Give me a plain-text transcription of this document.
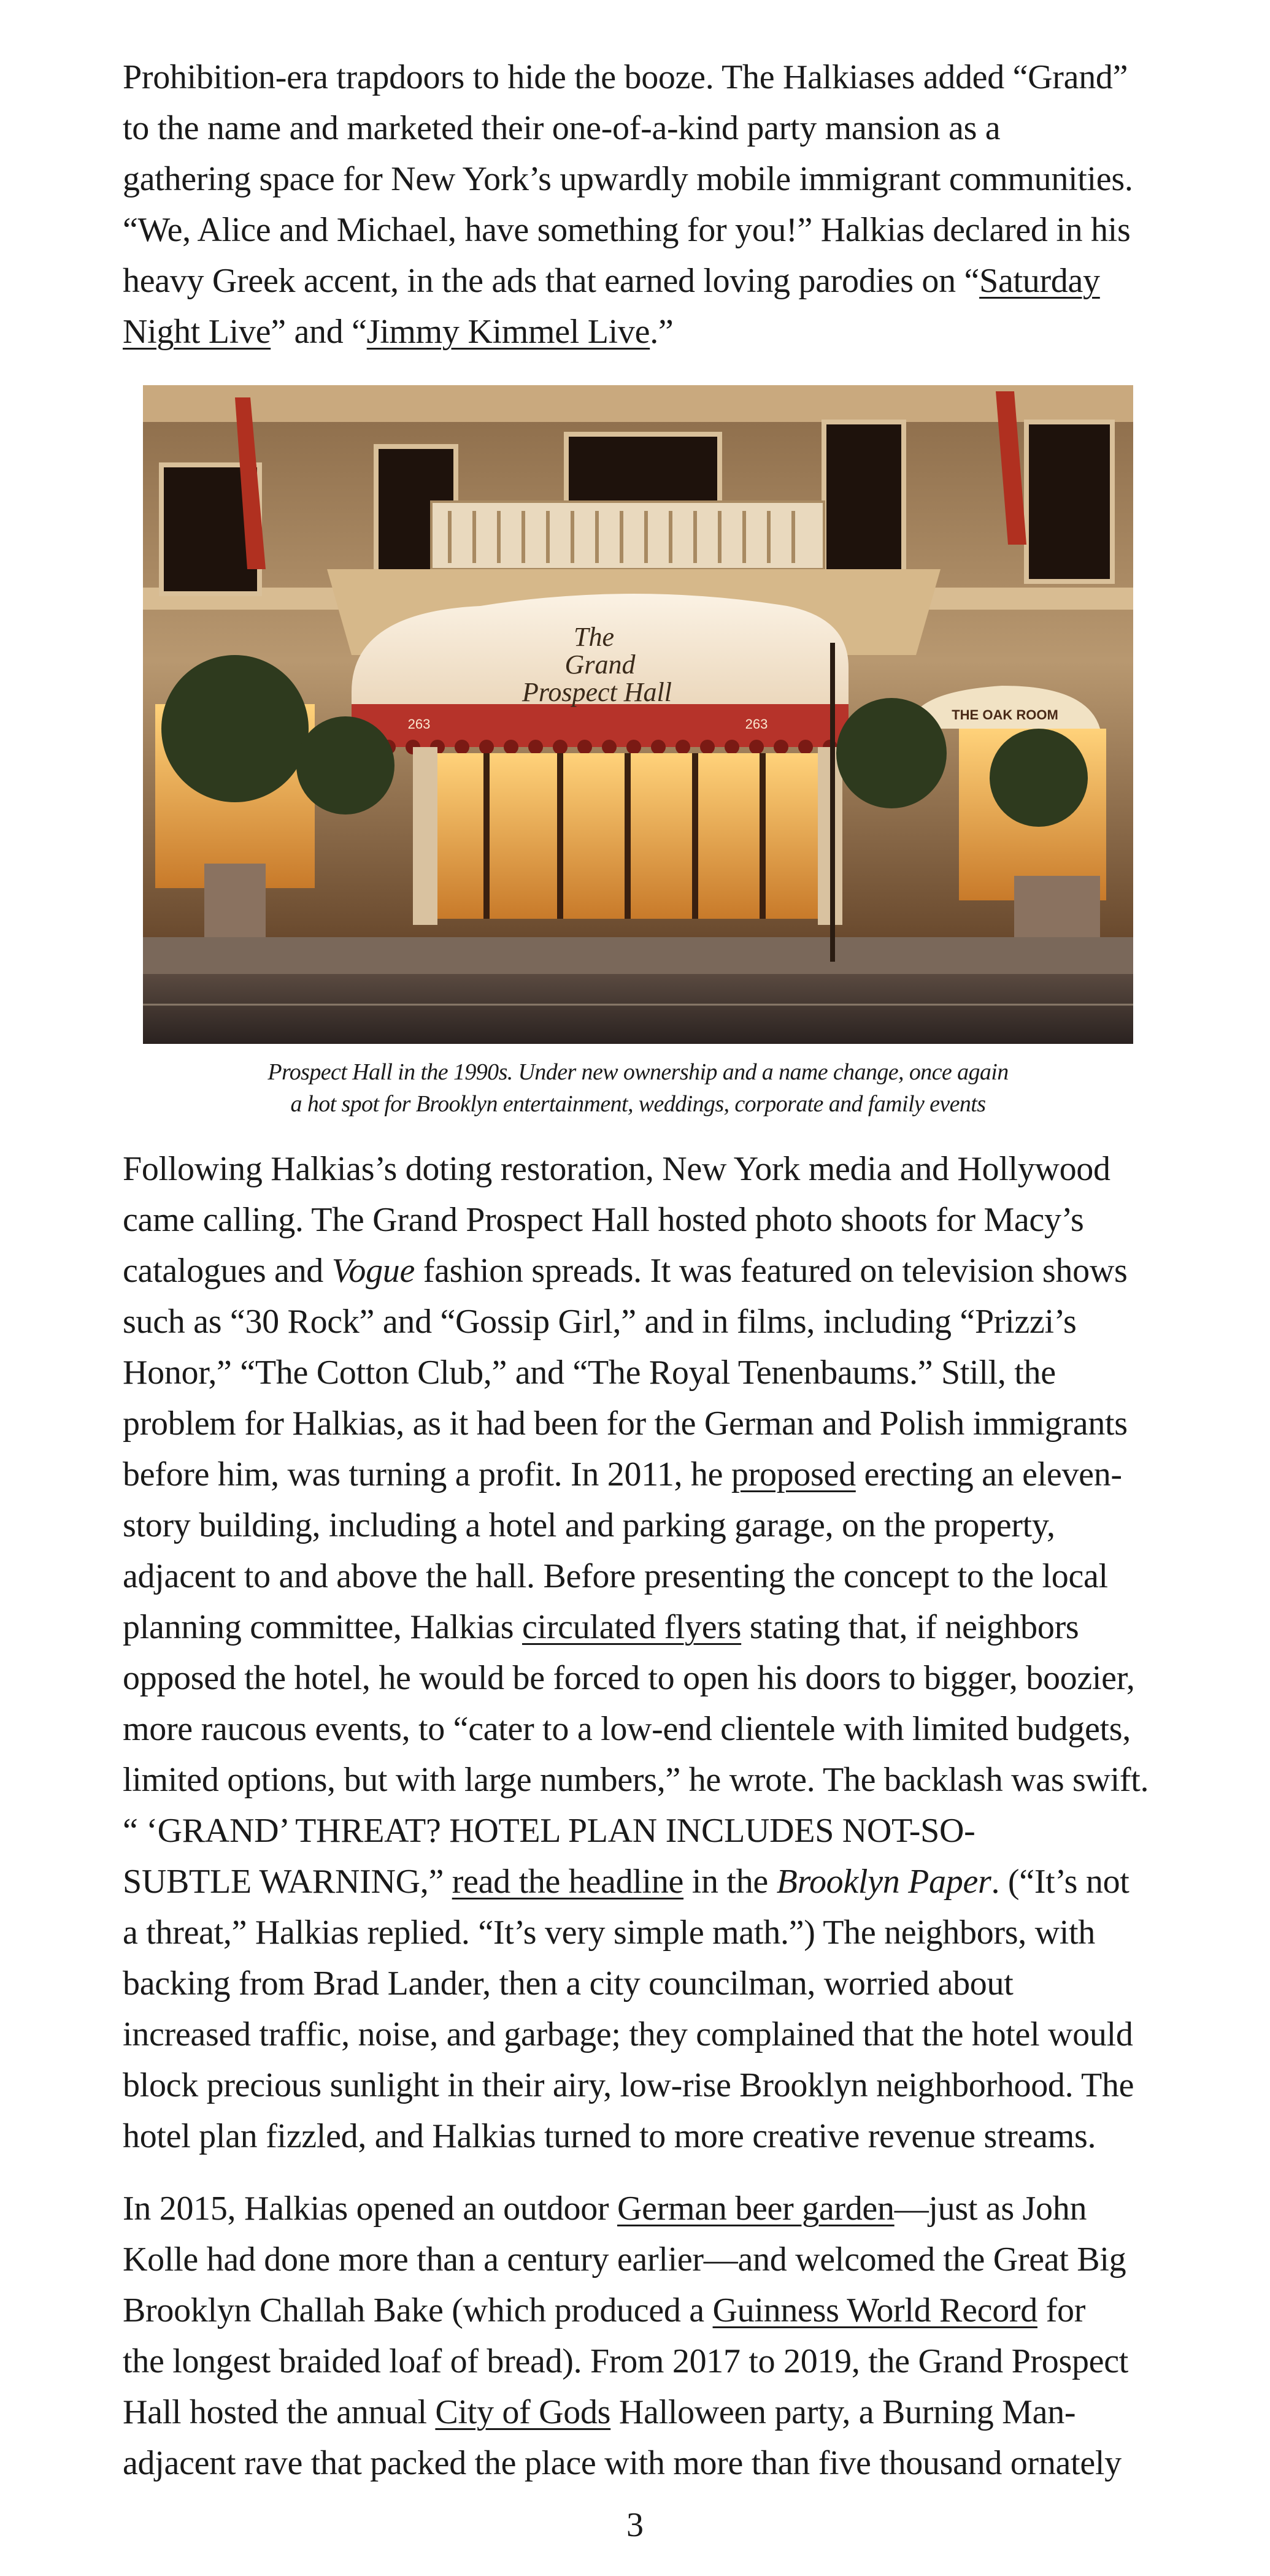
Prohibition-era trapdoors to hide the booze. The Halkiases added “Grand”
to the name and marketed their one-of-a-kind party mansion as a
gathering space for New York’s upwardly mobile immigrant communities.
“We, Alice and Michael, have something for you!” Halkias declared in his
heavy Greek accent, in the ads that earned loving parodies on “Saturday
Night Live” and “Jimmy Kimmel Live.”

The
Grand
Prospect Hall
263	263
THE OAK ROOM
Prospect Hall in the 1990s. Under new ownership and a name change, once again
a hot spot for Brooklyn entertainment, weddings, corporate and family events

Following Halkias’s doting restoration, New York media and Hollywood
came calling. The Grand Prospect Hall hosted photo shoots for Macy’s
catalogues and Vogue fashion spreads. It was featured on television shows
such as “30 Rock” and “Gossip Girl,” and in films, including “Prizzi’s
Honor,” “The Cotton Club,” and “The Royal Tenenbaums.” Still, the
problem for Halkias, as it had been for the German and Polish immigrants
before him, was turning a profit. In 2011, he proposed erecting an eleven-
story building, including a hotel and parking garage, on the property,
adjacent to and above the hall. Before presenting the concept to the local
planning committee, Halkias circulated flyers stating that, if neighbors
opposed the hotel, he would be forced to open his doors to bigger, boozier,
more raucous events, to “cater to a low-end clientele with limited budgets,
limited options, but with large numbers,” he wrote. The backlash was swift.
“ ‘GRAND’ THREAT? HOTEL PLAN INCLUDES NOT-SO-
SUBTLE WARNING,” read the headline in the Brooklyn Paper. (“It’s not
a threat,” Halkias replied. “It’s very simple math.”) The neighbors, with
backing from Brad Lander, then a city councilman, worried about
increased traffic, noise, and garbage; they complained that the hotel would
block precious sunlight in their airy, low-rise Brooklyn neighborhood. The
hotel plan fizzled, and Halkias turned to more creative revenue streams.

In 2015, Halkias opened an outdoor German beer garden—just as John
Kolle had done more than a century earlier—and welcomed the Great Big
Brooklyn Challah Bake (which produced a Guinness World Record for
the longest braided loaf of bread). From 2017 to 2019, the Grand Prospect
Hall hosted the annual City of Gods Halloween party, a Burning Man-
adjacent rave that packed the place with more than five thousand ornately

3
